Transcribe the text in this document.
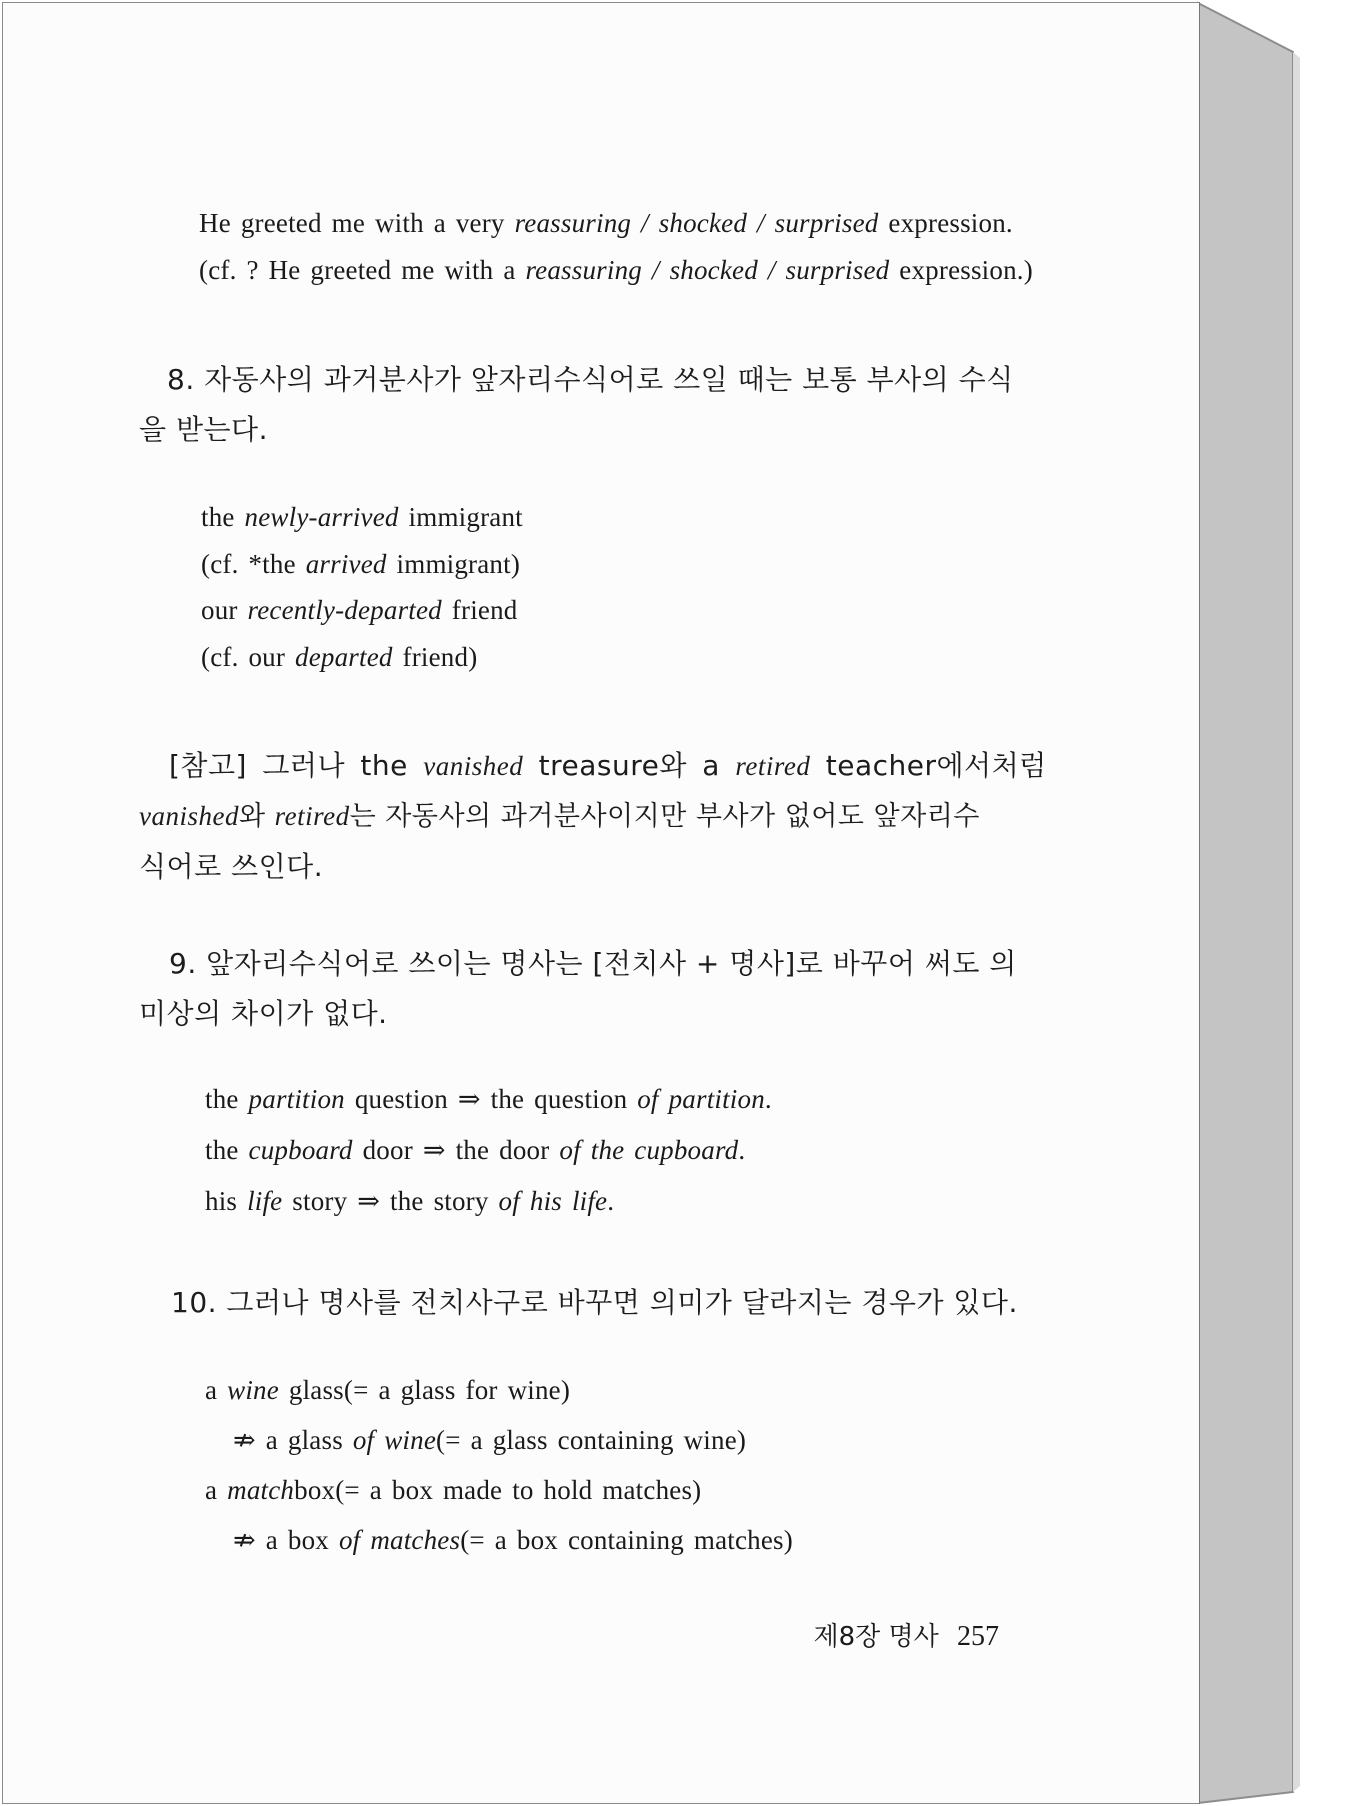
He greeted me with a very reassuring / shocked / surprised expression.
(cf. ? He greeted me with a reassuring / shocked / surprised expression.)
8. 자동사의 과거분사가 앞자리수식어로 쓰일 때는 보통 부사의 수식
을 받는다.
the newly-arrived immigrant
(cf. *the arrived immigrant)
our recently-departed friend
(cf. our departed friend)
[참고] 그러나 the vanished treasure와 a retired teacher에서처럼
vanished와 retired는 자동사의 과거분사이지만 부사가 없어도 앞자리수
식어로 쓰인다.
9. 앞자리수식어로 쓰이는 명사는 [전치사 + 명사]로 바꾸어 써도 의
미상의 차이가 없다.
the partition question ⇒ the question of partition.
the cupboard door ⇒ the door of the cupboard.
his life story ⇒ the story of his life.
10. 그러나 명사를 전치사구로 바꾸면 의미가 달라지는 경우가 있다.
a wine glass(= a glass for wine)
⇏ a glass of wine(= a glass containing wine)
a matchbox(= a box made to hold matches)
⇏ a box of matches(= a box containing matches)
제8장 명사 257
